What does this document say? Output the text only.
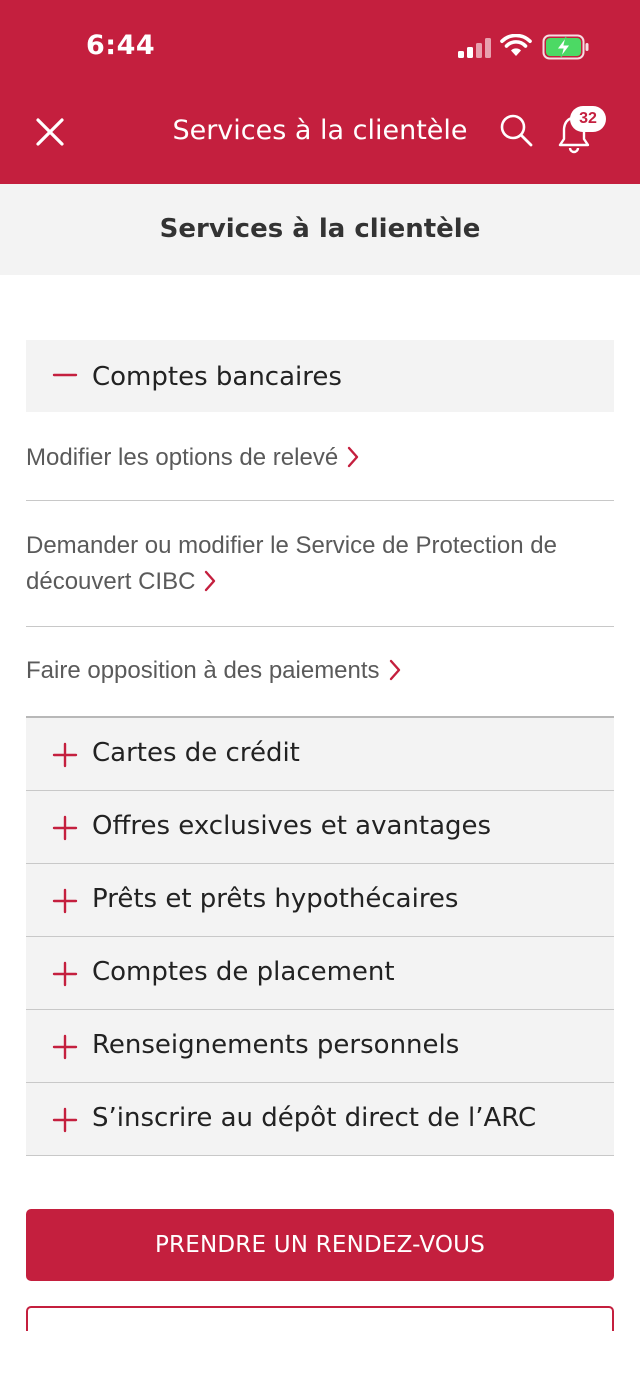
6:44
Services à la clientèle	32
Services à la clientèle
Comptes bancaires
Modifier les options de relevé
Demander ou modifier le Service de Protection de découvert CIBC
Faire opposition à des paiements
Cartes de crédit
Offres exclusives et avantages
Prêts et prêts hypothécaires
Comptes de placement
Renseignements personnels
S’inscrire au dépôt direct de l’ARC
PRENDRE UN RENDEZ-VOUS
